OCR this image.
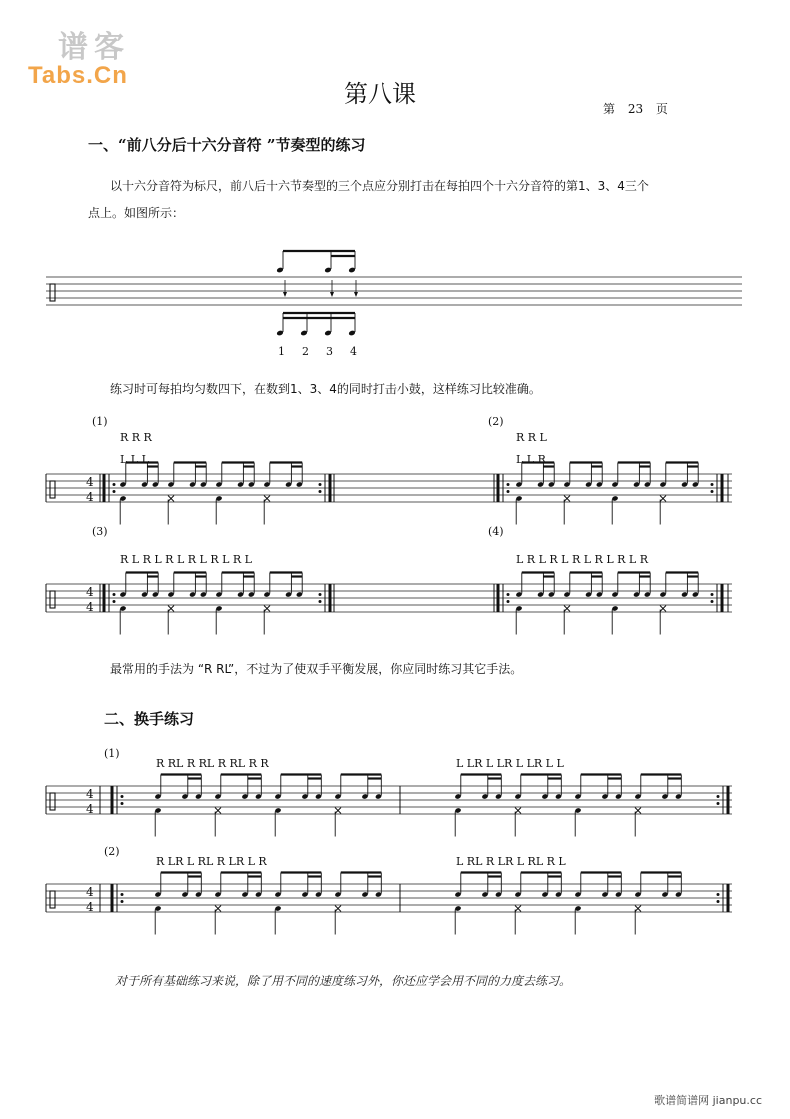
谱客
Tabs.Cn
第八课
第 23 页
一、“前八分后十六分音符 ”节奏型的练习
以十六分音符为标尺，前八后十六节奏型的三个点应分别打击在每拍四个十六分音符的第1、3、4三个
点上。如图所示：
练习时可每拍均匀数四下，在数到1、3、4的同时打击小鼓，这样练习比较准确。
最常用的手法为 “R RL”，不过为了使双手平衡发展，你应同时练习其它手法。
二、换手练习
对于所有基础练习来说，除了用不同的速度练习外，你还应学会用不同的力度去练习。
歌谱简谱网 jianpu.cc
1 2 3 4
4
4
(1)	(2)
R R R
L L L
R R L
L L R
4
4
(3)	(4)
R L R L R L R L R L R L	L R L R L R L R L R L R
4
4
(1)
R RL R RL R RL R R	L LR L LR L LR L L
4
4
(2)
R LR L RL R LR L R	L RL R LR L RL R L
